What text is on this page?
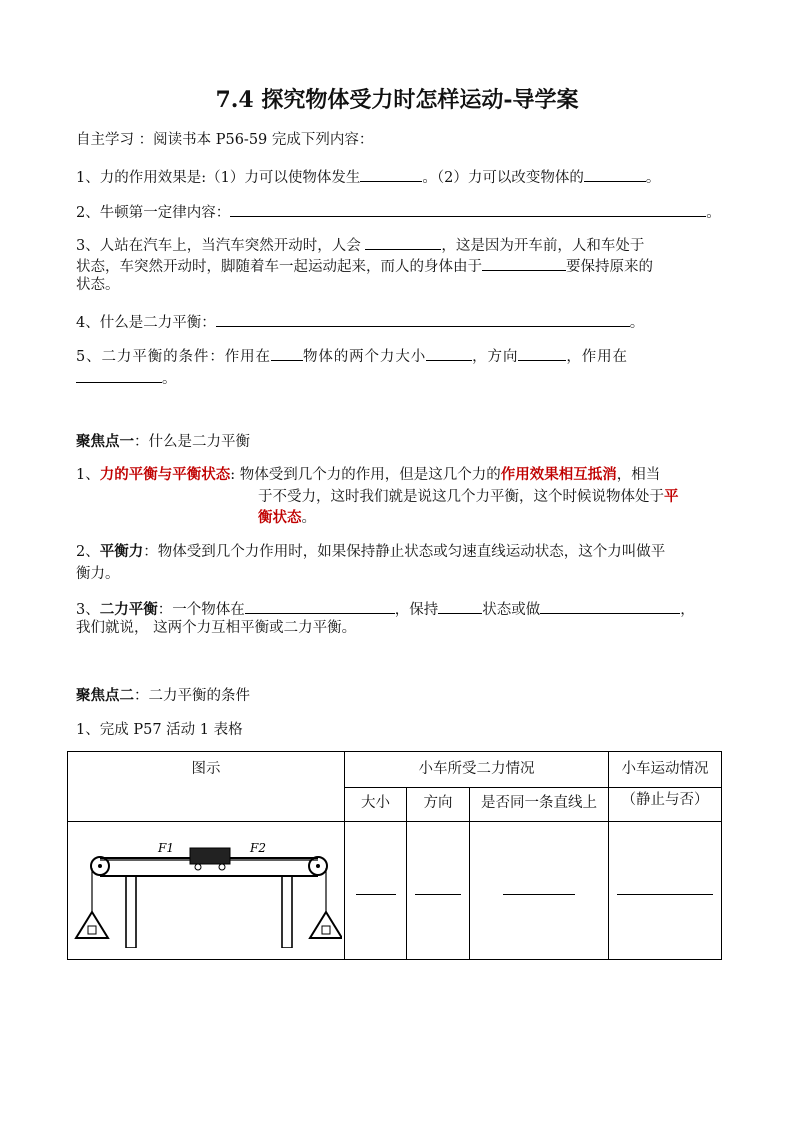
7.4 探究物体受力时怎样运动-导学案
自主学习 ：阅读书本 P56-59 完成下列内容：
1、力的作用效果是:（1）力可以使物体发生	。（2）力可以改变物体的	。
2、牛顿第一定律内容：	。
3、人站在汽车上，当汽车突然开动时，人会	，这是因为开车前，人和车处于
状态，车突然开动时，脚随着车一起运动起来，而人的身体由于	要保持原来的
状态。
4、什么是二力平衡：	。
5、二力平衡的条件：作用在 物体的两个力大小	，方向	，作用在
。
聚焦点一：什么是二力平衡
1、力的平衡与平衡状态: 物体受到几个力的作用，但是这几个力的作用效果相互抵消，相当
于不受力，这时我们就是说这几个力平衡，这个时候说物体处于平
衡状态。
2、平衡力：物体受到几个力作用时，如果保持静止状态或匀速直线运动状态，这个力叫做平
衡力。
3、二力平衡：一个物体在	，保持	状态或做	，
我们就说， 这两个力互相平衡或二力平衡。
聚焦点二：二力平衡的条件
1、完成 P57 活动 1 表格
图示	小车所受二力情况			小车运动情况
	大小	方向	是否同一条直线上	（静止与否）

F1 F2				
